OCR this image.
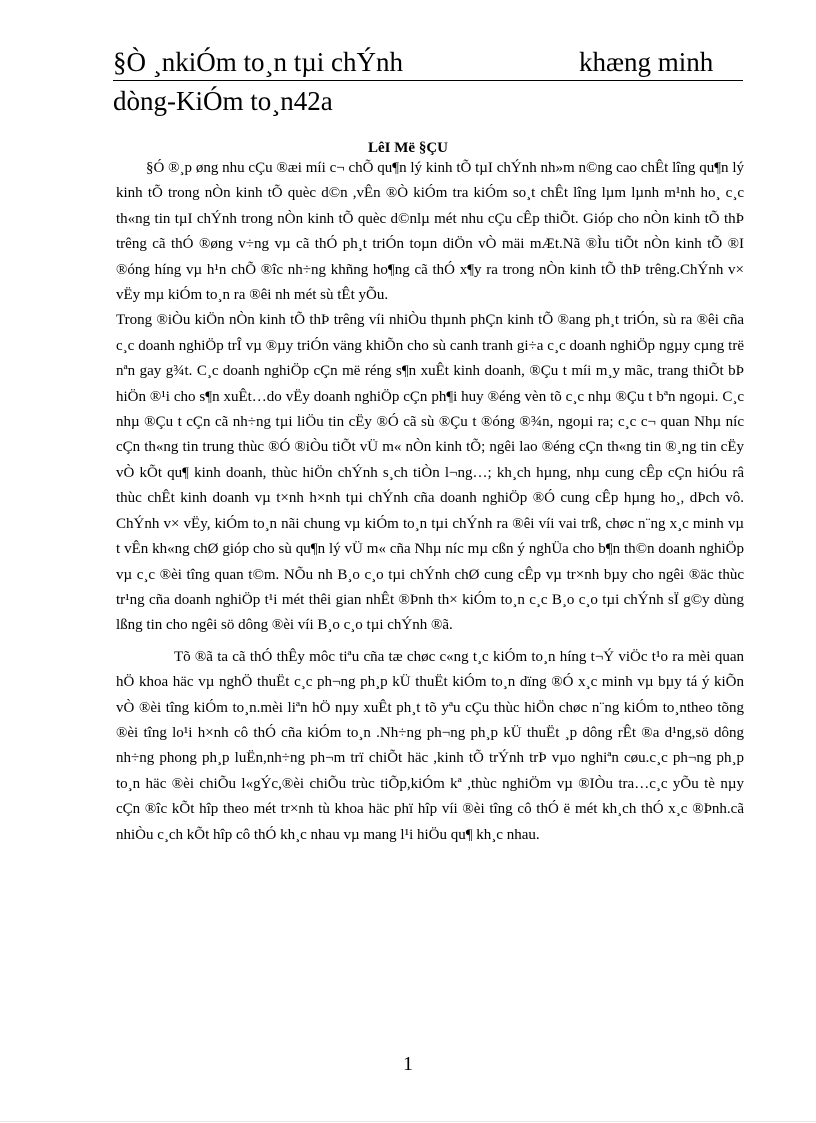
§Ò ¸nkiÓm to¸n tµi chÝnh	khæng minh
dòng-KiÓm to¸n42a
LêI Më §ÇU

§Ó ®¸p øng nhu cÇu ®æi míi c¬ chÕ qu¶n lý kinh tÕ tµI chÝnh nh»m n©ng cao chÊt lîng qu¶n lý kinh tÕ trong nÒn kinh tÕ quèc d©n ,vÊn ®Ò kiÓm tra kiÓm so¸t chÊt lîng lµm lµnh m¹nh ho¸ c¸c th«ng tin tµI chÝnh trong nÒn kinh tÕ quèc d©nlµ mét nhu cÇu cÊp thiÕt. Gióp cho nÒn kinh tÕ thÞ trêng cã thÓ ®øng v÷ng vµ cã thÓ ph¸t triÓn toµn diÖn vÒ mäi mÆt.Nã ®Ìu tiÕt nÒn kinh tÕ ®I ®óng híng vµ h¹n chÕ ®îc nh÷ng khñng ho¶ng cã thÓ x¶y ra trong nÒn kinh tÕ thÞ trêng.ChÝnh v× vËy mµ kiÓm to¸n ra ®êi nh mét sù tÊt yÕu.

Trong ®iÒu kiÖn nÒn kinh tÕ thÞ trêng víi nhiÒu thµnh phÇn kinh tÕ ®ang ph¸t triÓn, sù ra ®êi cña c¸c doanh nghiÖp trÎ vµ ®µy triÓn väng khiÕn cho sù canh tranh gi÷a c¸c doanh nghiÖp ngµy cµng trë nªn gay g¾t. C¸c doanh nghiÖp cÇn më réng s¶n xuÊt kinh doanh, ®Çu t míi m¸y mãc, trang thiÕt bÞ hiÖn ®¹i cho s¶n xuÊt…do vËy doanh nghiÖp cÇn ph¶i huy ®éng vèn tõ c¸c nhµ ®Çu t bªn ngoµi. C¸c nhµ ®Çu t cÇn cã nh÷ng tµi liÖu tin cËy ®Ó cã sù ®Çu t ®óng ®¾n, ngoµi ra; c¸c c¬ quan Nhµ níc cÇn th«ng tin trung thùc ®Ó ®iÒu tiÕt vÜ m« nÒn kinh tÕ; ngêi lao ®éng cÇn th«ng tin ®¸ng tin cËy vÒ kÕt qu¶ kinh doanh, thùc hiÖn chÝnh s¸ch tiÒn l¬ng…; kh¸ch hµng, nhµ cung cÊp cÇn hiÓu râ thùc chÊt kinh doanh vµ t×nh h×nh tµi chÝnh cña doanh nghiÖp ®Ó cung cÊp hµng ho¸, dÞch vô. ChÝnh v× vËy, kiÓm to¸n nãi chung vµ kiÓm to¸n tµi chÝnh ra ®êi víi vai trß, chøc n¨ng x¸c minh vµ t vÊn kh«ng chØ gióp cho sù qu¶n lý vÜ m« cña Nhµ níc mµ cßn ý nghÜa cho b¶n th©n doanh nghiÖp vµ c¸c ®èi tîng quan t©m. NÕu nh B¸o c¸o tµi chÝnh chØ cung cÊp vµ tr×nh bµy cho ngêi ®äc thùc tr¹ng cña doanh nghiÖp t¹i mét thêi gian nhÊt ®Þnh th× kiÓm to¸n c¸c B¸o c¸o tµi chÝnh sÏ g©y dùng lßng tin cho ngêi sö dông ®èi víi B¸o c¸o tµi chÝnh ®ã.

Tõ ®ã ta cã thÓ thÊy môc tiªu cña tæ chøc c«ng t¸c kiÓm to¸n híng t¬Ý viÖc t¹o ra mèi quan hÖ khoa häc vµ nghÖ thuËt c¸c ph¬ng ph¸p kÜ thuËt kiÓm to¸n dïng ®Ó x¸c minh vµ bµy tá ý kiÕn vÒ ®èi tîng kiÓm to¸n.mèi liªn hÖ nµy xuÊt ph¸t tõ yªu cÇu thùc hiÖn chøc n¨ng kiÓm to¸ntheo tõng ®èi tîng lo¹i h×nh cô thÓ cña kiÓm to¸n .Nh÷ng ph¬ng ph¸p kÜ thuËt ¸p dông rÊt ®a d¹ng,sö dông nh÷ng phong ph¸p luËn,nh÷ng ph¬m trï chiÕt häc ,kinh tÕ trÝnh trÞ vµo nghiªn cøu.c¸c ph¬ng ph¸p to¸n häc ®èi chiÕu l«gÝc,®èi chiÕu trùc tiÕp,kiÓm kª ,thùc nghiÖm vµ ®IÒu tra…c¸c yÕu tè nµy cÇn ®îc kÕt hîp theo mét tr×nh tù khoa häc phï hîp víi ®èi tîng cô thÓ ë mét kh¸ch thÓ x¸c ®Þnh.cã nhiÒu c¸ch kÕt hîp cô thÓ kh¸c nhau vµ mang l¹i hiÖu qu¶ kh¸c nhau.

1
